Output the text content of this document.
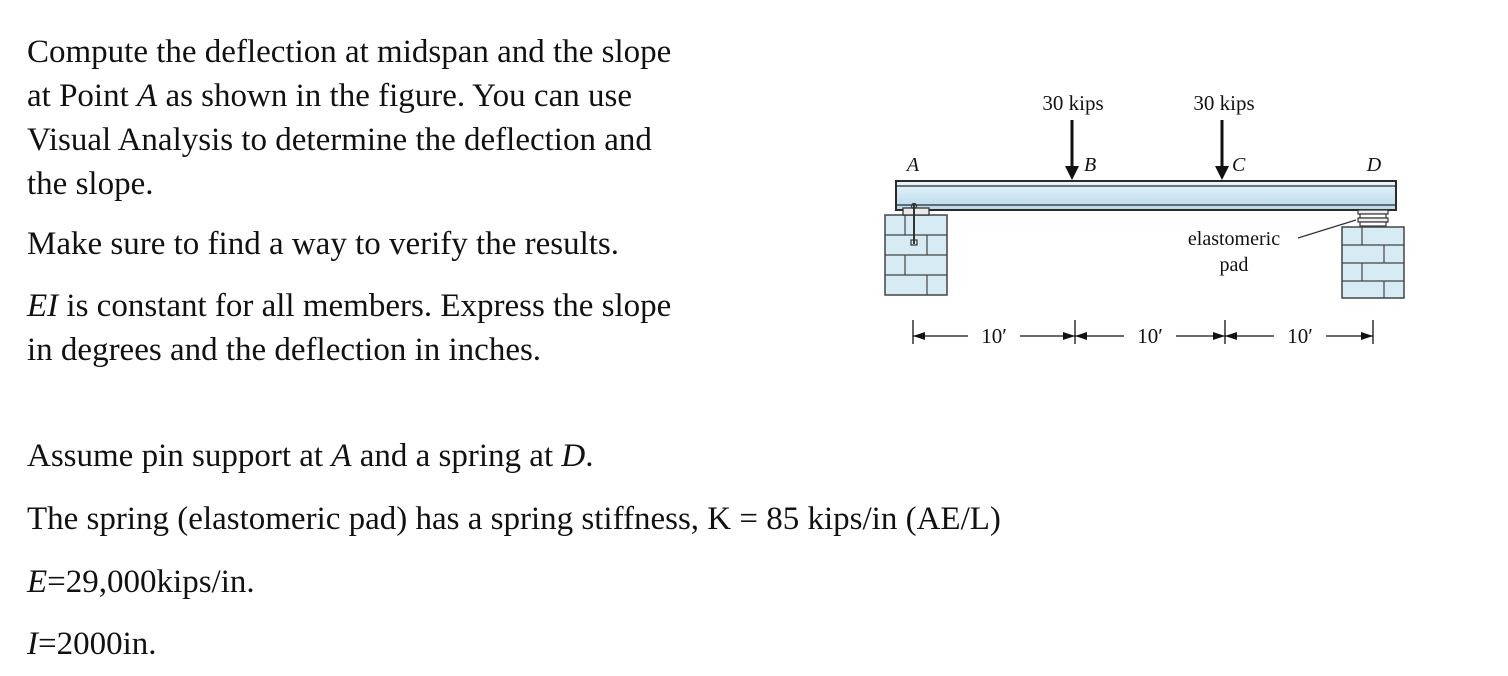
Compute the deflection at midspan and the slope
at Point A as shown in the figure. You can use
Visual Analysis to determine the deflection and
the slope.

Make sure to find a way to verify the results.

EI is constant for all members. Express the slope
in degrees and the deflection in inches.

Assume pin support at A and a spring at D.

The spring (elastomeric pad) has a spring stiffness, K = 85 kips/in (AE/L)

E=29,000kips/in.

I=2000in.

30 kips	30 kips
A	B	C	D
elastomeric
pad
10′	10′	10′
